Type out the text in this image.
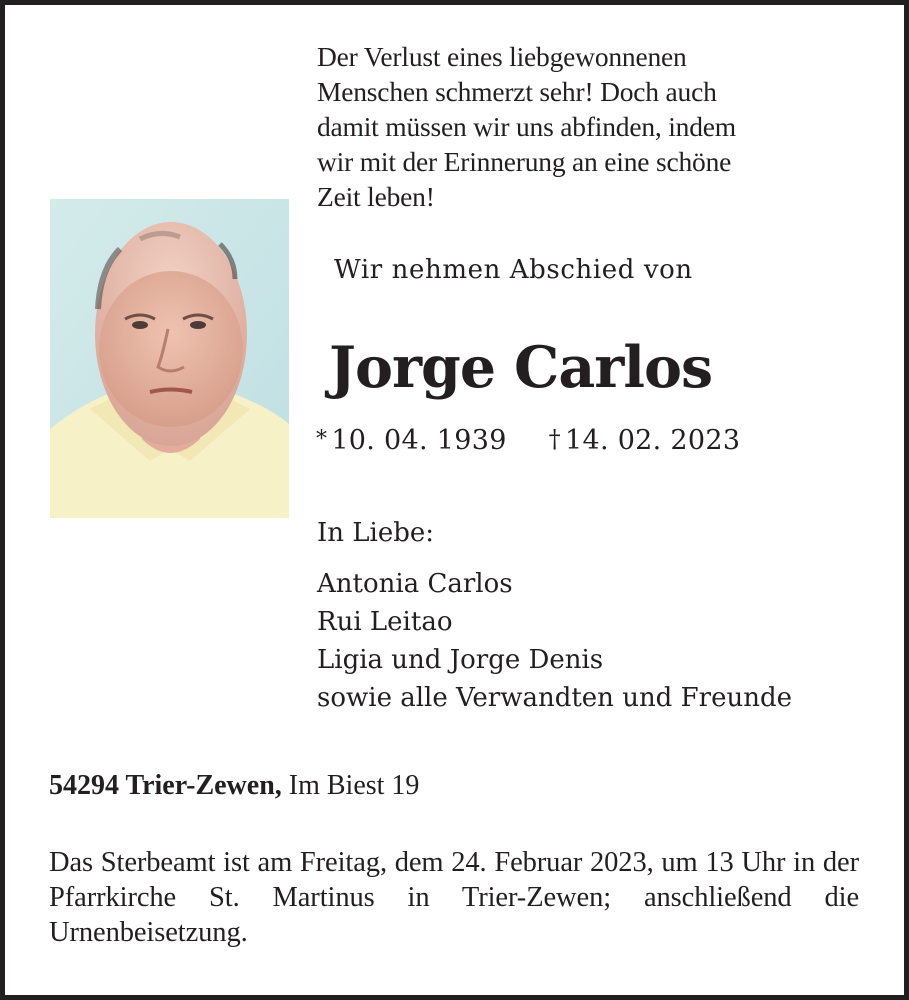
Der Verlust eines liebgewonnenen
Menschen schmerzt sehr! Doch auch
damit müssen wir uns abfinden, indem
wir mit der Erinnerung an eine schöne
Zeit leben!
Wir nehmen Abschied von
Jorge Carlos
* 10. 04. 1939 † 14. 02. 2023
In Liebe:
Antonia Carlos
Rui Leitao
Ligia und Jorge Denis
sowie alle Verwandten und Freunde
54294 Trier-Zewen, Im Biest 19
Das Sterbeamt ist am Freitag, dem 24. Februar 2023, um 13 Uhr in der Pfarrkirche St. Martinus in Trier-Zewen; anschließend die Urnenbeisetzung.
